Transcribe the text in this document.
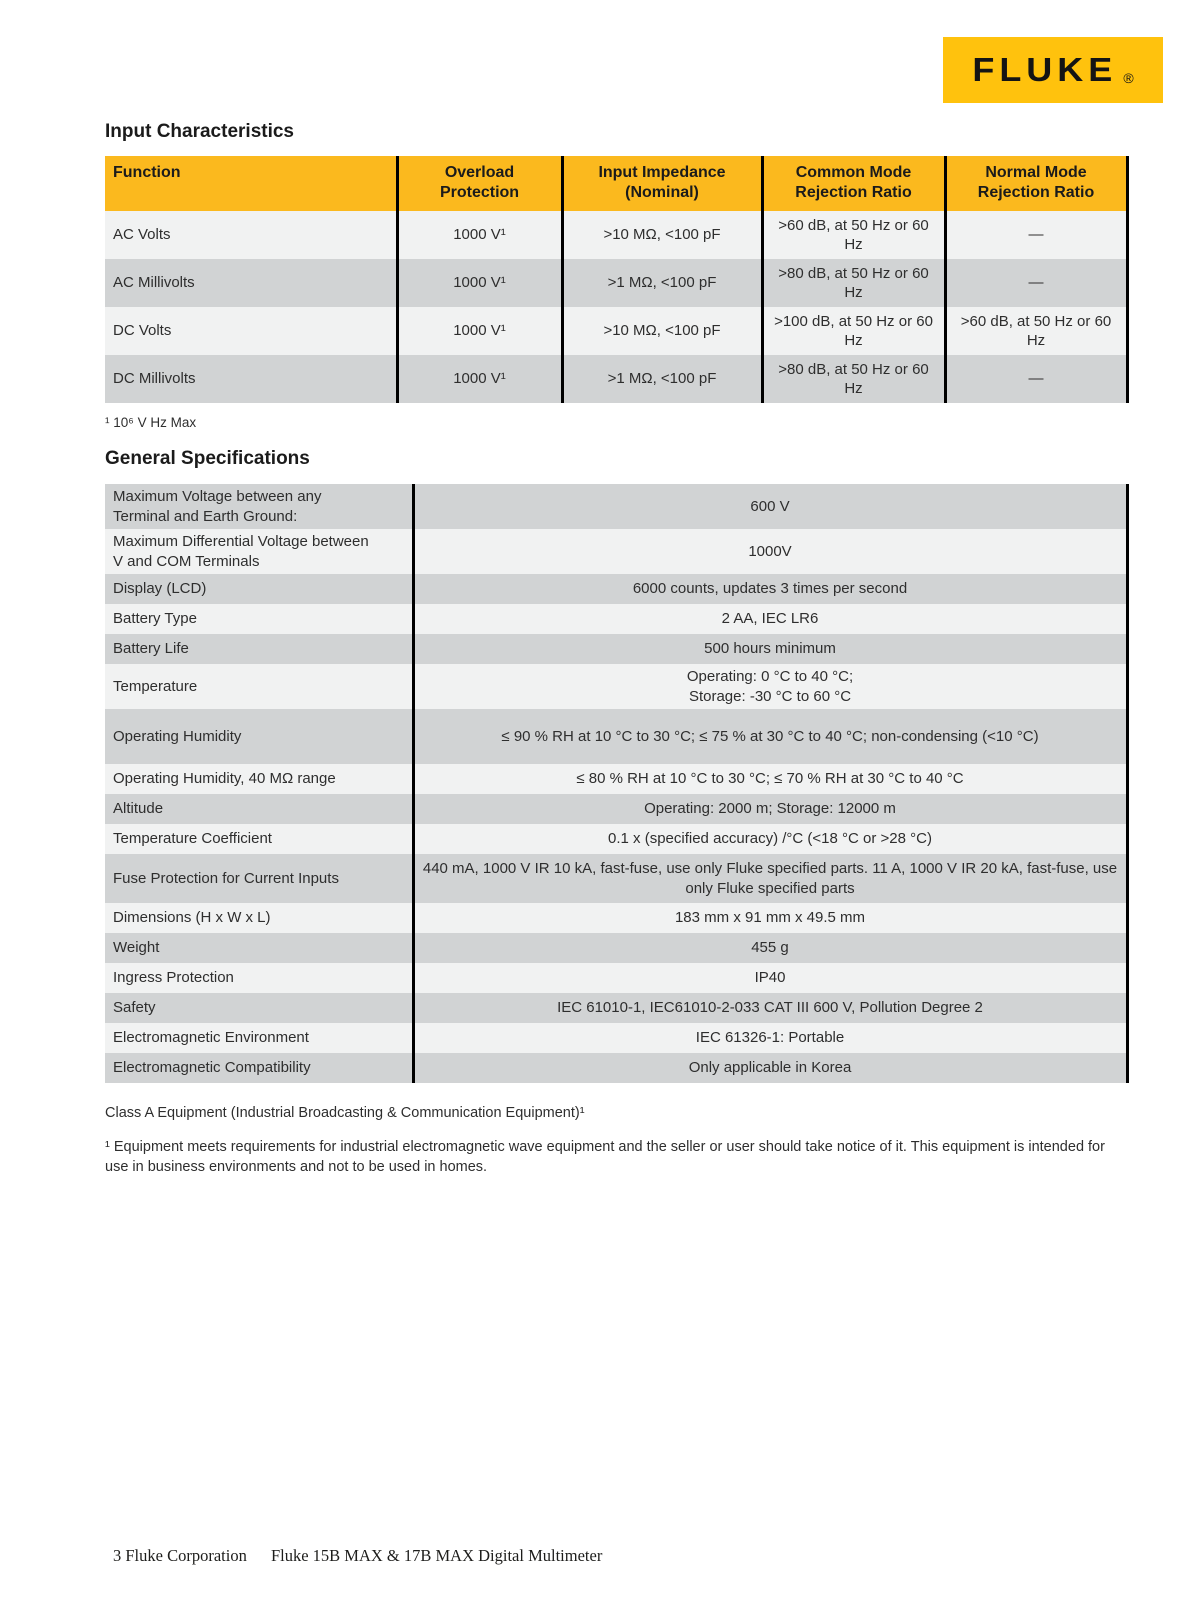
FLUKE ®
Input Characteristics
Function	Overload Protection	Input Impedance (Nominal)	Common Mode Rejection Ratio	Normal Mode Rejection Ratio
AC Volts	1000 V¹	>10 MΩ, <100 pF	>60 dB, at 50 Hz or 60 Hz	—
AC Millivolts	1000 V¹	>1 MΩ, <100 pF	>80 dB, at 50 Hz or 60 Hz	—
DC Volts	1000 V¹	>10 MΩ, <100 pF	>100 dB, at 50 Hz or 60 Hz	>60 dB, at 50 Hz or 60 Hz
DC Millivolts	1000 V¹	>1 MΩ, <100 pF	>80 dB, at 50 Hz or 60 Hz	—

¹ 10⁶ V Hz Max

General Specifications
Maximum Voltage between any Terminal and Earth Ground:	600 V
Maximum Differential Voltage between V and COM Terminals	1000V
Display (LCD)	6000 counts, updates 3 times per second
Battery Type	2 AA, IEC LR6
Battery Life	500 hours minimum
Temperature	Operating: 0 °C to 40 °C;
Storage: -30 °C to 60 °C
Operating Humidity	≤ 90 % RH at 10 °C to 30 °C; ≤ 75 % at 30 °C to 40 °C; non-condensing (<10 °C)
Operating Humidity, 40 MΩ range	≤ 80 % RH at 10 °C to 30 °C; ≤ 70 % RH at 30 °C to 40 °C
Altitude	Operating: 2000 m; Storage: 12000 m
Temperature Coefficient	0.1 x (specified accuracy) /°C (<18 °C or >28 °C)
Fuse Protection for Current Inputs	440 mA, 1000 V IR 10 kA, fast-fuse, use only Fluke specified parts. 11 A, 1000 V IR 20 kA, fast-fuse, use only Fluke specified parts
Dimensions (H x W x L)	183 mm x 91 mm x 49.5 mm
Weight	455 g
Ingress Protection	IP40
Safety	IEC 61010-1, IEC61010-2-033 CAT III 600 V, Pollution Degree 2
Electromagnetic Environment	IEC 61326-1: Portable
Electromagnetic Compatibility	Only applicable in Korea

Class A Equipment (Industrial Broadcasting & Communication Equipment)¹

¹ Equipment meets requirements for industrial electromagnetic wave equipment and the seller or user should take notice of it. This equipment is intended for use in business environments and not to be used in homes.

3 Fluke Corporation Fluke 15B MAX & 17B MAX Digital Multimeter
